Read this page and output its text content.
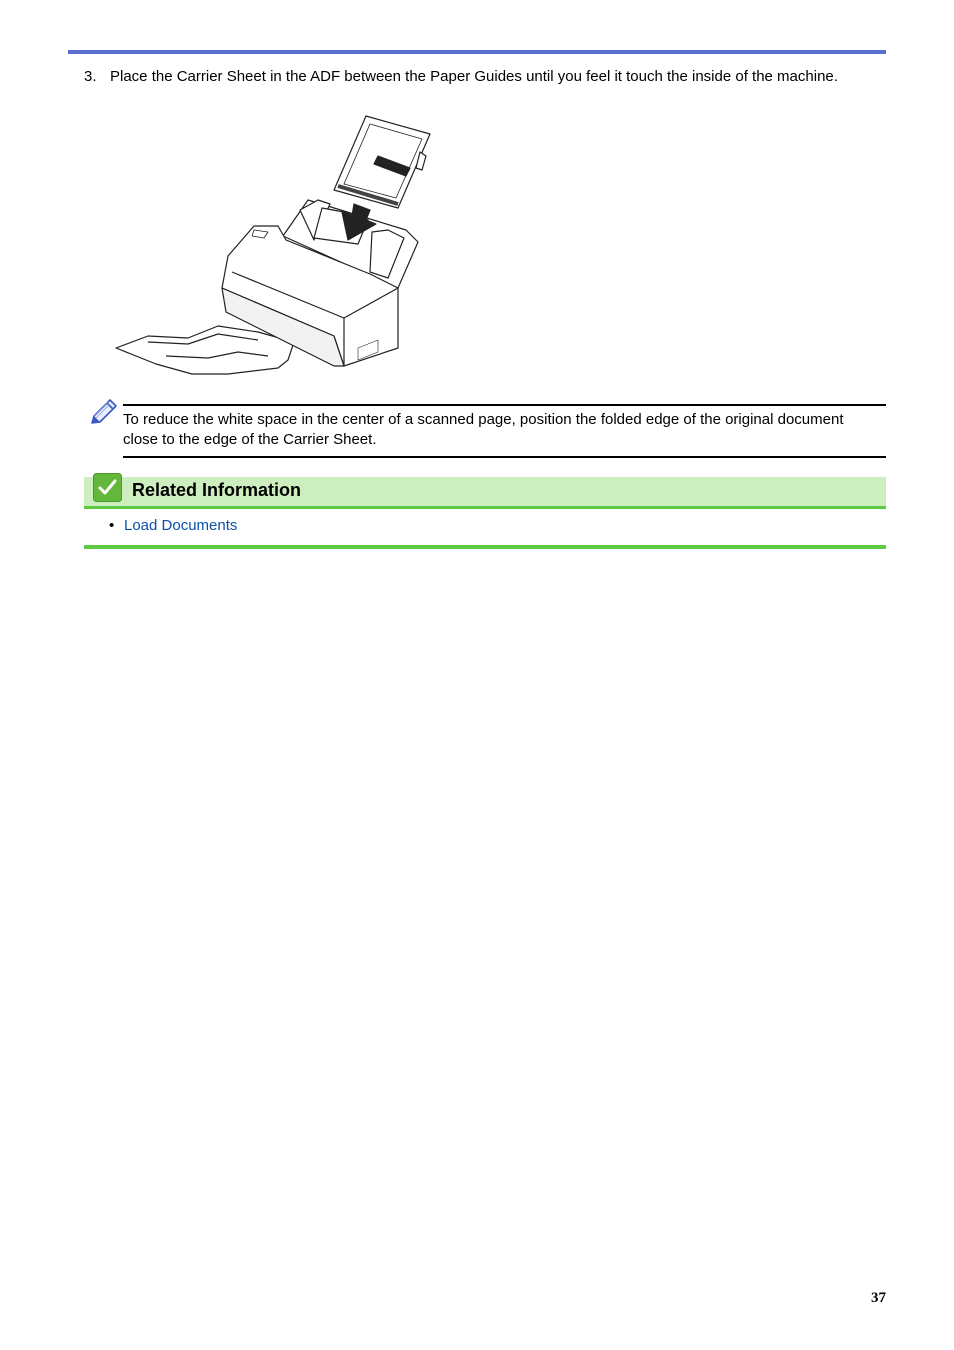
3. Place the Carrier Sheet in the ADF between the Paper Guides until you feel it touch the inside of the machine.
To reduce the white space in the center of a scanned page, position the folded edge of the original document close to the edge of the Carrier Sheet.
Related Information
• Load Documents
37
